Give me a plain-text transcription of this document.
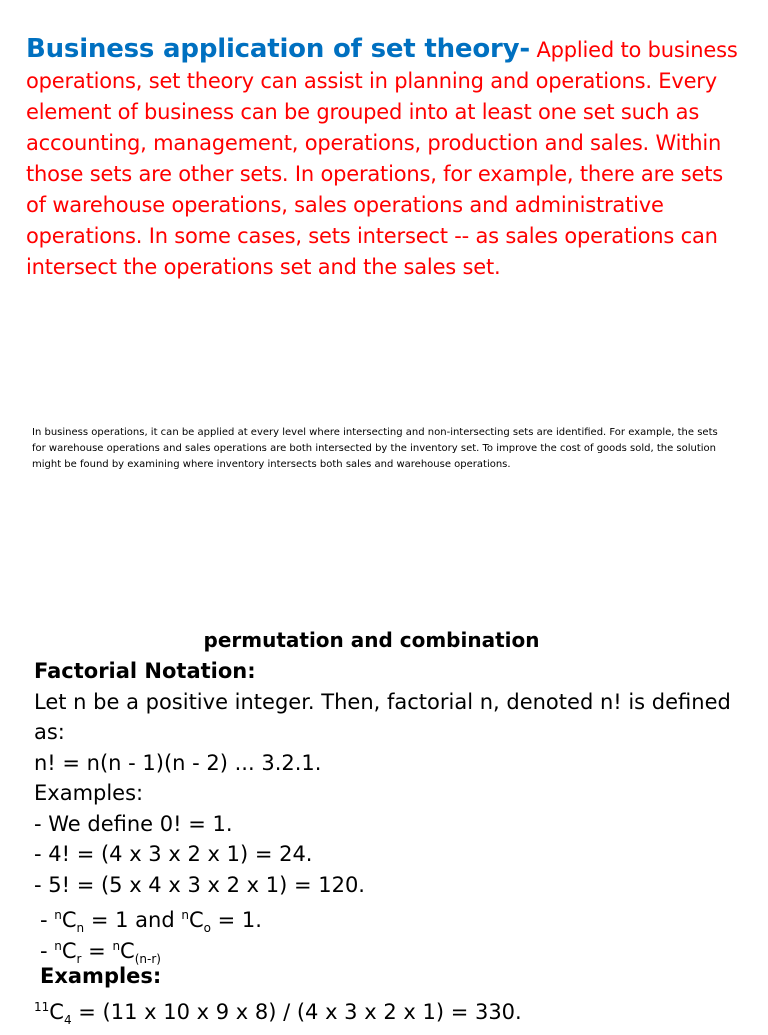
Business application of set theory- Applied to business operations, set theory can assist in planning and operations. Every element of business can be grouped into at least one set such as accounting, management, operations, production and sales. Within those sets are other sets. In operations, for example, there are sets of warehouse operations, sales operations and administrative operations. In some cases, sets intersect -- as sales operations can intersect the operations set and the sales set.
In business operations, it can be applied at every level where intersecting and non-intersecting sets are identified. For example, the sets for warehouse operations and sales operations are both intersected by the inventory set. To improve the cost of goods sold, the solution might be found by examining where inventory intersects both sales and warehouse operations.
permutation and combination
Factorial Notation:
Let n be a positive integer. Then, factorial n, denoted n! is defined
as:
n! = n(n - 1)(n - 2) ... 3.2.1.
Examples:
- We define 0! = 1.
- 4! = (4 x 3 x 2 x 1) = 24.
- 5! = (5 x 4 x 3 x 2 x 1) = 120.
- $^nC_n = 1$ and $^nC_o = 1$.
- $^nC_r = ^nC_{(n-r)}$
Examples:
$^{11}C_4 = (11$ x 10 x 9 x 8) / (4 x 3 x 2 x 1) = 330.
